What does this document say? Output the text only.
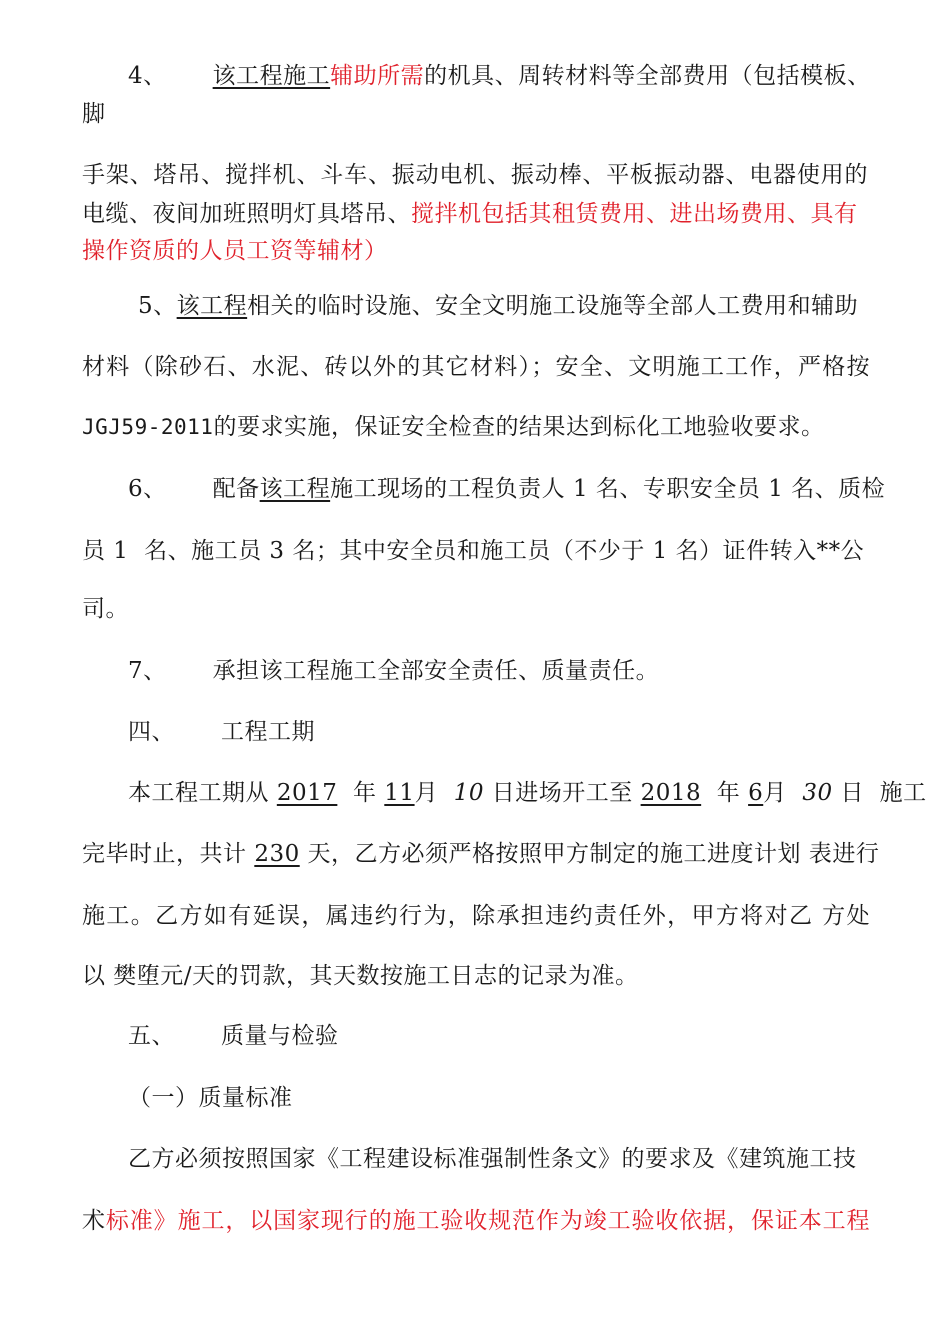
4、 该工程施工辅助所需的机具、周转材料等全部费用（包括模板、
脚
手架、塔吊、搅拌机、斗车、振动电机、振动棒、平板振动器、电器使用的
电缆、夜间加班照明灯具塔吊、搅拌机包括其租赁费用、进出场费用、具有
操作资质的人员工资等辅材）
5、该工程相关的临时设施、安全文明施工设施等全部人工费用和辅助
材料（除砂石、水泥、砖以外的其它材料）；安全、文明施工工作，严格按
JGJ59-2011的要求实施，保证安全检查的结果达到标化工地验收要求。
6、 配备该工程施工现场的工程负责人 1 名、专职安全员 1 名、质检
员 1  名、施工员 3 名；其中安全员和施工员（不少于 1 名）证件转入**公
司。
7、 承担该工程施工全部安全责任、质量责任。
四、 工程工期
本工程工期从 2017  年 11月  10 日进场开工至 2018  年 6月  30 日  施工
完毕时止，共计 230 天，乙方必须严格按照甲方制定的施工进度计划 表进行
施工。乙方如有延误，属违约行为，除承担违约责任外，甲方将对乙 方处
以 樊堕元/天的罚款，其天数按施工日志的记录为准。
五、 质量与检验
（一）质量标准
乙方必须按照国家《工程建设标准强制性条文》的要求及《建筑施工技
术标准》施工，以国家现行的施工验收规范作为竣工验收依据，保证本工程
